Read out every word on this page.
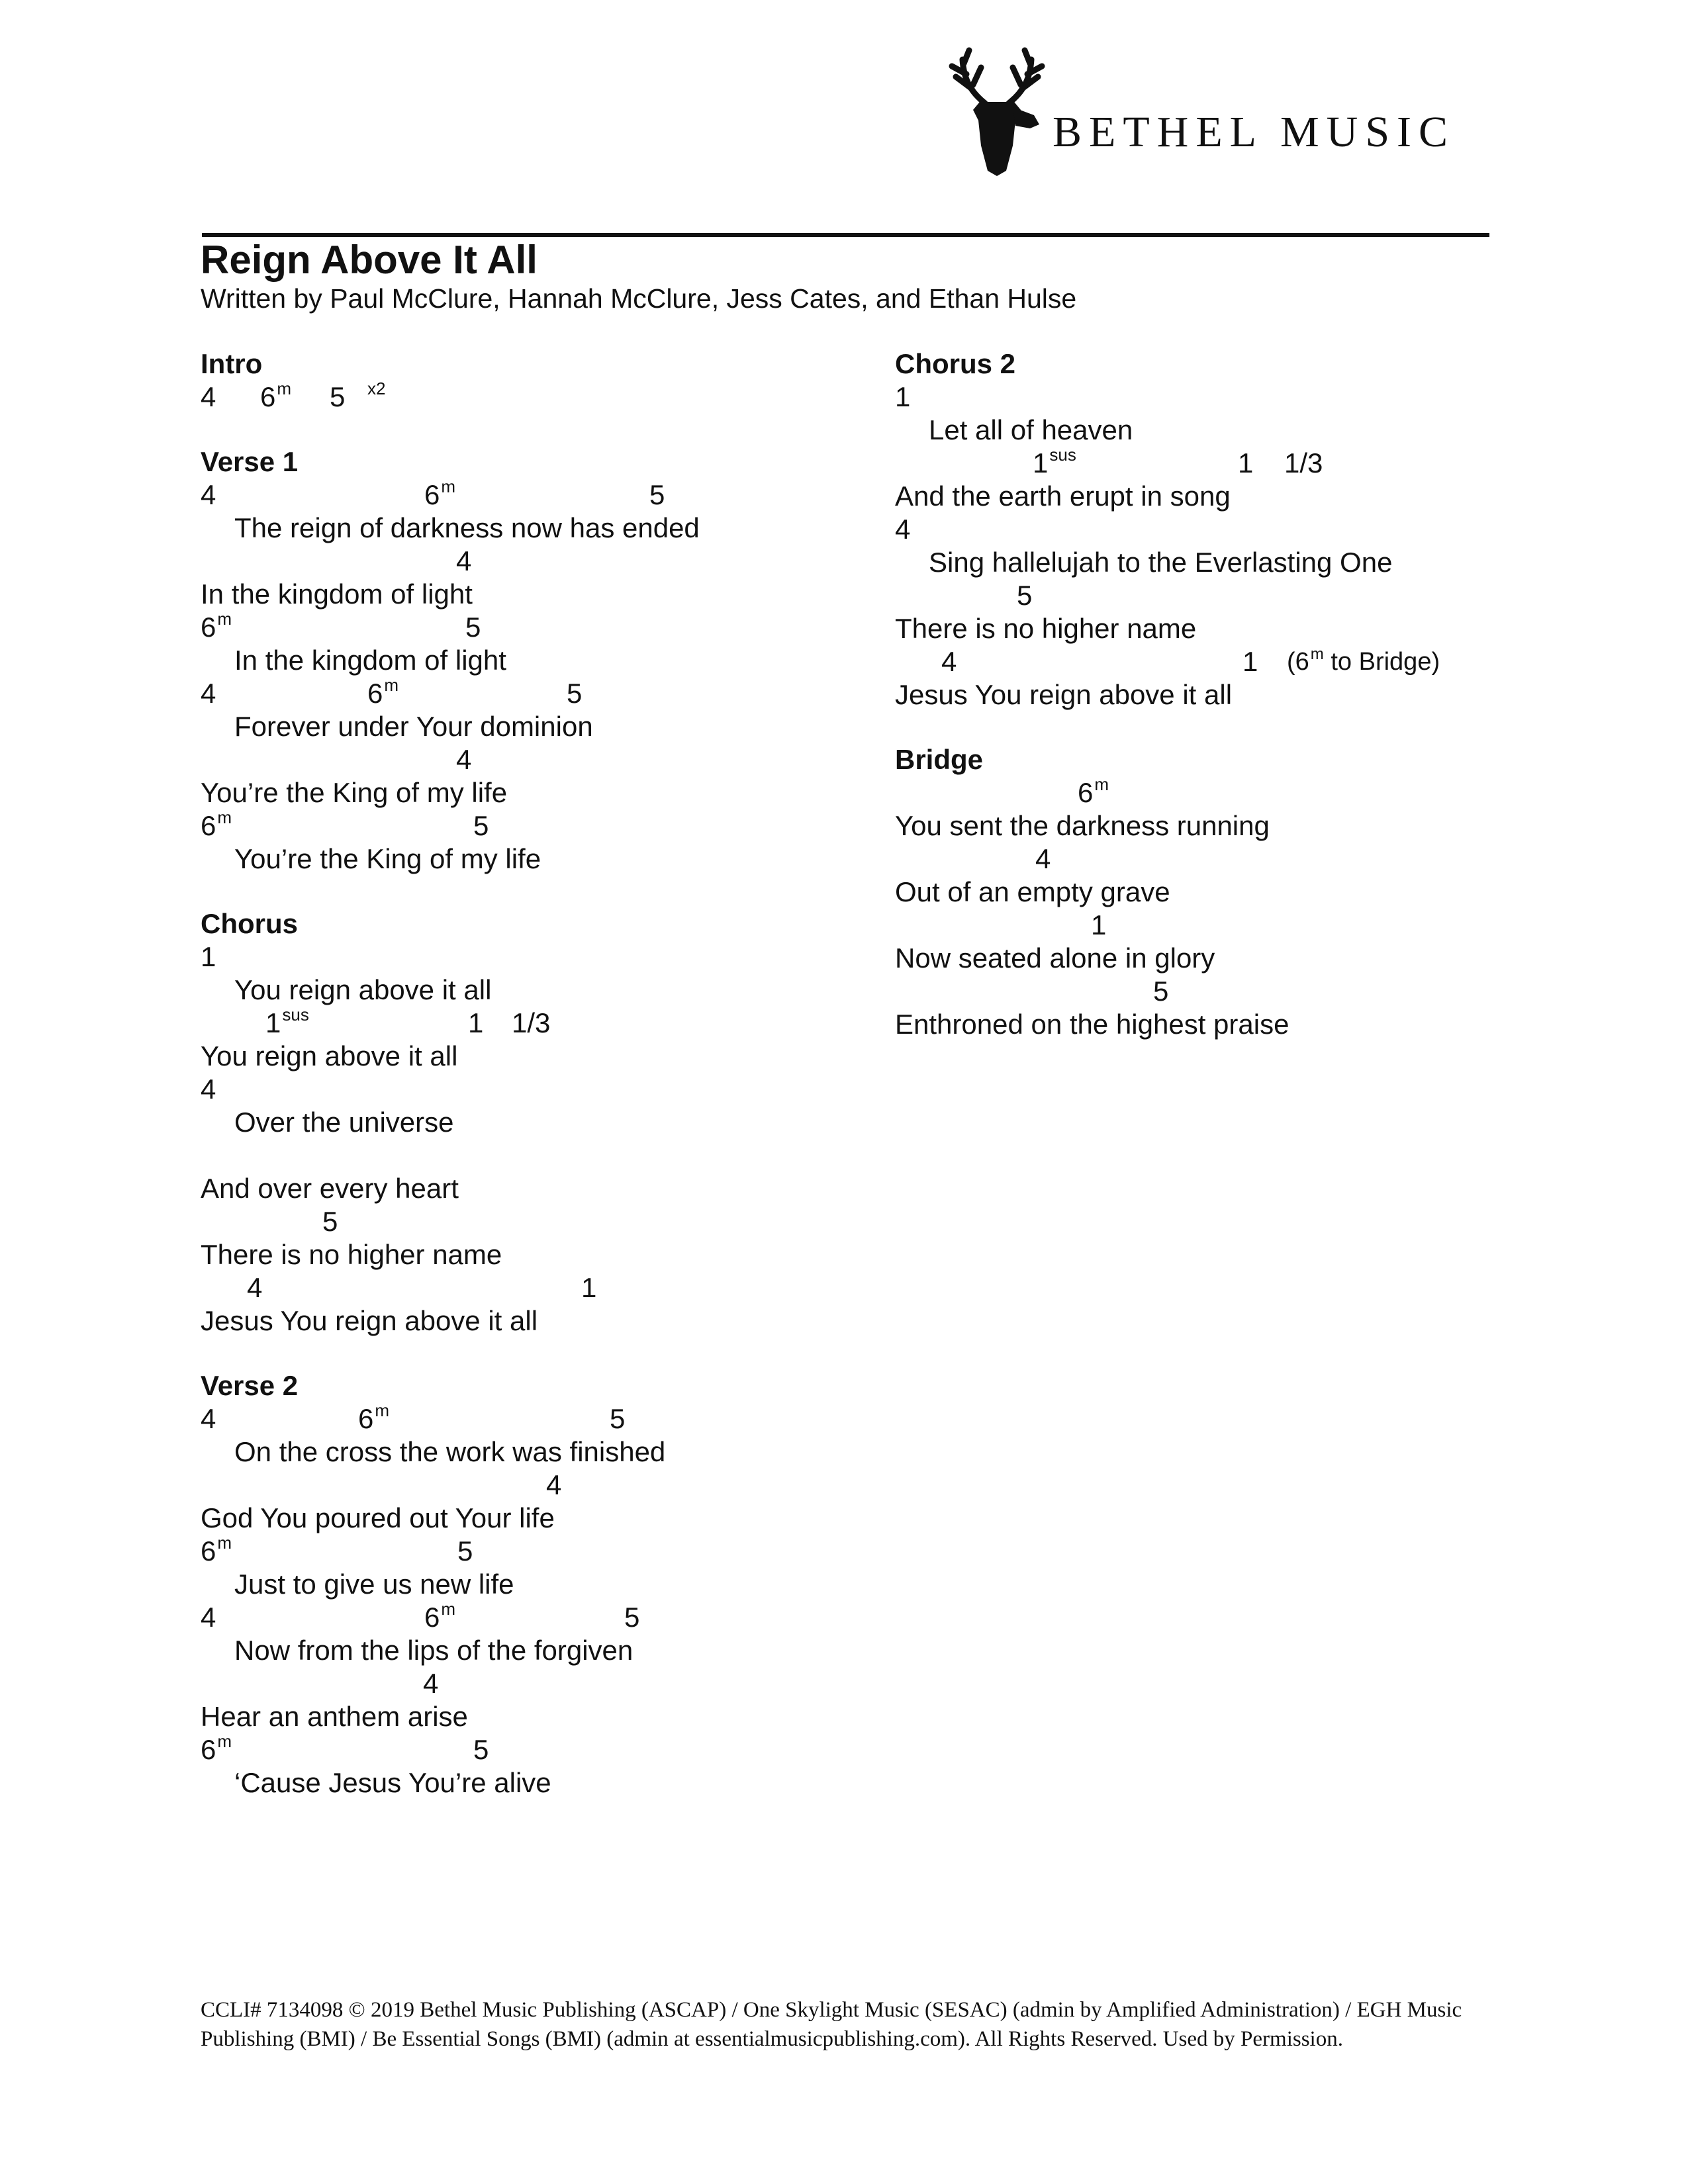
BETHEL MUSIC
Reign Above It All
Written by Paul McClure, Hannah McClure, Jess Cates, and Ethan Hulse
Intro
4 6$^m$ 5 $^{x2}$
Verse 1
4	6$^m$	5
The reign of darkness now has ended
4
In the kingdom of light
6$^m$	5
In the kingdom of light
4	6$^m$	5
Forever under Your dominion
4
You’re the King of my life
6$^m$	5
You’re the King of my life
Chorus
1
You reign above it all
$1^{sus}$	1 1/3
You reign above it all
4
Over the universe
And over every heart
5
There is no higher name
4	1
Jesus You reign above it all
Verse 2
4	6$^m$	5
On the cross the work was finished
4
God You poured out Your life
6$^m$	5
Just to give us new life
4	6$^m$	5
Now from the lips of the forgiven
4
Hear an anthem arise
6$^m$	5
‘Cause Jesus You’re alive
Chorus 2
1
Let all of heaven
$1^{sus}$	1 1/3
And the earth erupt in song
4
Sing hallelujah to the Everlasting One
5
There is no higher name
4	1 (6$^m$ to Bridge)
Jesus You reign above it all
Bridge
6$^m$
You sent the darkness running
4
Out of an empty grave
1
Now seated alone in glory
5
Enthroned on the highest praise
CCLI# 7134098 © 2019 Bethel Music Publishing (ASCAP) / One Skylight Music (SESAC) (admin by Amplified Administration) / EGH Music Publishing (BMI) / Be Essential Songs (BMI) (admin at essentialmusicpublishing.com). All Rights Reserved. Used by Permission.
